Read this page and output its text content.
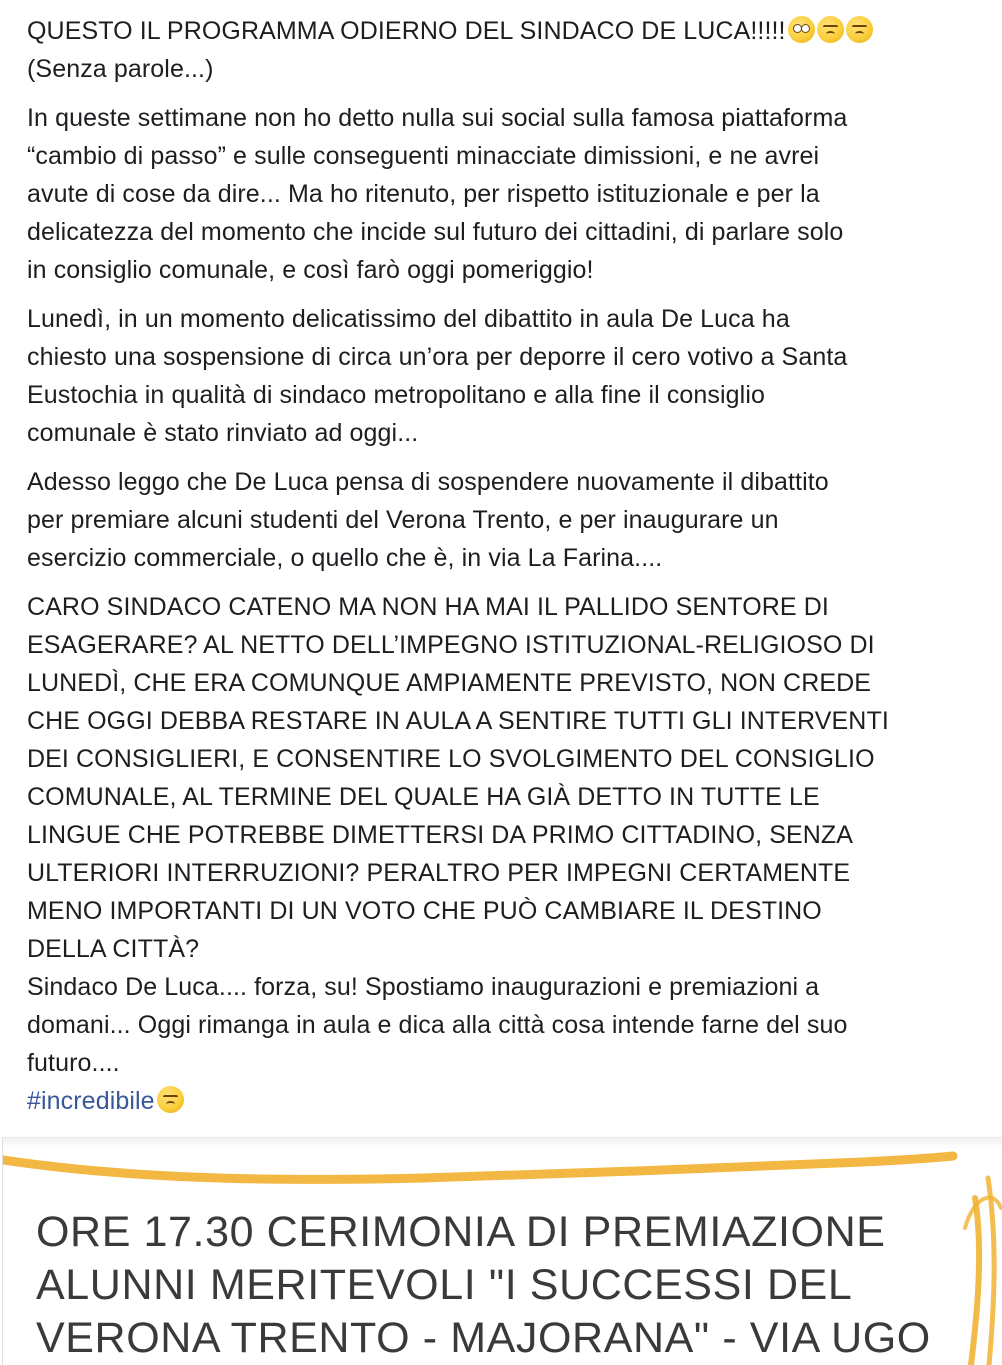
QUESTO IL PROGRAMMA ODIERNO DEL SINDACO DE LUCA!!!!!
(Senza parole...)
In queste settimane non ho detto nulla sui social sulla famosa piattaforma
“cambio di passo” e sulle conseguenti minacciate dimissioni, e ne avrei
avute di cose da dire... Ma ho ritenuto, per rispetto istituzionale e per la
delicatezza del momento che incide sul futuro dei cittadini, di parlare solo
in consiglio comunale, e così farò oggi pomeriggio!
Lunedì, in un momento delicatissimo del dibattito in aula De Luca ha
chiesto una sospensione di circa un’ora per deporre il cero votivo a Santa
Eustochia in qualità di sindaco metropolitano e alla fine il consiglio
comunale è stato rinviato ad oggi...
Adesso leggo che De Luca pensa di sospendere nuovamente il dibattito
per premiare alcuni studenti del Verona Trento, e per inaugurare un
esercizio commerciale, o quello che è, in via La Farina....
CARO SINDACO CATENO MA NON HA MAI IL PALLIDO SENTORE DI
ESAGERARE? AL NETTO DELL’IMPEGNO ISTITUZIONAL-RELIGIOSO DI
LUNEDÌ, CHE ERA COMUNQUE AMPIAMENTE PREVISTO, NON CREDE
CHE OGGI DEBBA RESTARE IN AULA A SENTIRE TUTTI GLI INTERVENTI
DEI CONSIGLIERI, E CONSENTIRE LO SVOLGIMENTO DEL CONSIGLIO
COMUNALE, AL TERMINE DEL QUALE HA GIÀ DETTO IN TUTTE LE
LINGUE CHE POTREBBE DIMETTERSI DA PRIMO CITTADINO, SENZA
ULTERIORI INTERRUZIONI? PERALTRO PER IMPEGNI CERTAMENTE
MENO IMPORTANTI DI UN VOTO CHE PUÒ CAMBIARE IL DESTINO
DELLA CITTÀ?
Sindaco De Luca.... forza, su! Spostiamo inaugurazioni e premiazioni a
domani... Oggi rimanga in aula e dica alla città cosa intende farne del suo
futuro....
#incredibile
ORE 17.30 CERIMONIA DI PREMIAZIONE
ALUNNI MERITEVOLI "I SUCCESSI DEL
VERONA TRENTO - MAJORANA" - VIA UGO
